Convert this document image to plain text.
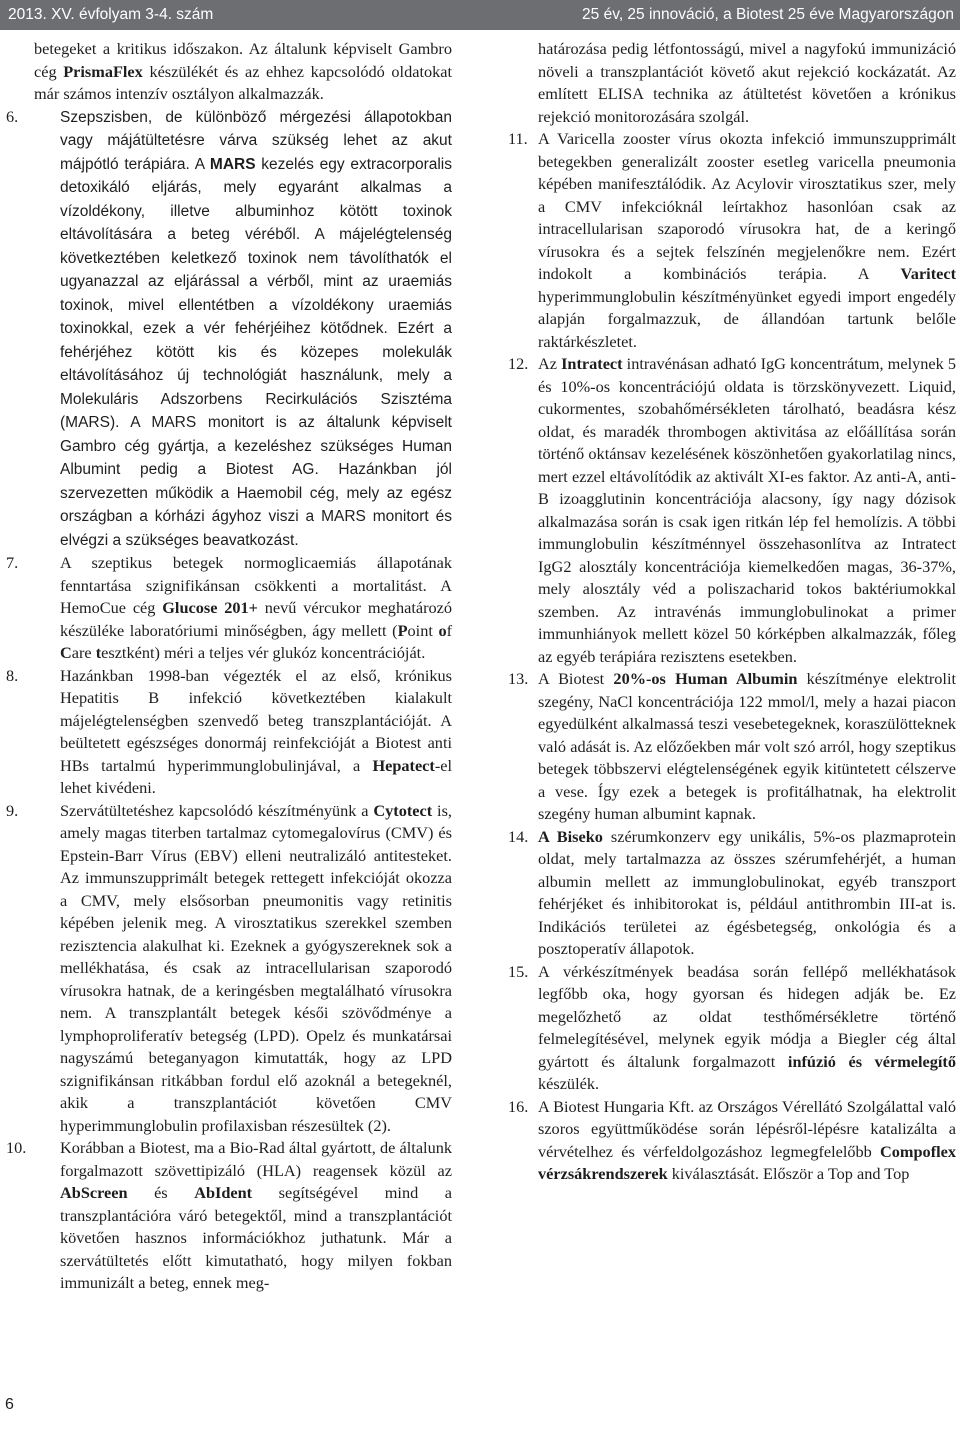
2013. XV. évfolyam 3-4. szám	25 év, 25 innováció, a Biotest 25 éve Magyarországon
betegeket a kritikus időszakon. Az általunk képviselt Gambro cég PrismaFlex készülékét és az ehhez kapcsolódó oldatokat már számos intenzív osztályon alkalmazzák.
6.	Szepszisben, de különböző mérgezési állapotokban vagy májátültetésre várva szükség lehet az akut májpótló terápiára. A MARS kezelés egy extracorporalis detoxikáló eljárás, mely egyaránt alkalmas a vízoldékony, illetve albuminhoz kötött toxinok eltávolítására a beteg véréből. A májelégtelenség következtében keletkező toxinok nem távolíthatók el ugyanazzal az eljárással a vérből, mint az uraemiás toxinok, mivel ellentétben a vízoldékony uraemiás toxinokkal, ezek a vér fehérjéihez kötődnek. Ezért a fehérjéhez kötött kis és közepes molekulák eltávolításához új technológiát használunk, mely a Molekuláris Adszorbens Recirkulációs Szisztéma (MARS). A MARS monitort is az általunk képviselt Gambro cég gyártja, a kezeléshez szükséges Human Albumint pedig a Biotest AG. Hazánkban jól szervezetten működik a Haemobil cég, mely az egész országban a kórházi ágyhoz viszi a MARS monitort és elvégzi a szükséges beavatkozást.
7.	A szeptikus betegek normoglicaemiás állapotának fenntartása szignifikánsan csökkenti a mortalitást. A HemoCue cég Glucose 201+ nevű vércukor meghatározó készüléke laboratóriumi minőségben, ágy mellett (Point of Care tesztként) méri a teljes vér glukóz koncentrációját.
8.	Hazánkban 1998-ban végezték el az első, krónikus Hepatitis B infekció következtében kialakult májelégtelenségben szenvedő beteg transzplantációját. A beültetett egészséges donormáj reinfekcióját a Biotest anti HBs tartalmú hyperimmunglobulinjával, a Hepatect-el lehet kivédeni.
9.	Szervátültetéshez kapcsolódó készítményünk a Cytotect is, amely magas titerben tartalmaz cytomegalovírus (CMV) és Epstein-Barr Vírus (EBV) elleni neutralizáló antitesteket. Az immunszupprimált betegek rettegett infekcióját okozza a CMV, mely elsősorban pneumonitis vagy retinitis képében jelenik meg. A virosztatikus szerekkel szemben rezisztencia alakulhat ki. Ezeknek a gyógyszereknek sok a mellékhatása, és csak az intracellularisan szaporodó vírusokra hatnak, de a keringésben megtalálható vírusokra nem. A transzplantált betegek késői szövődménye a lymphoproliferatív betegség (LPD). Opelz és munkatársai nagyszámú beteganyagon kimutatták, hogy az LPD szignifikánsan ritkábban fordul elő azoknál a betegeknél, akik a transzplantációt követően CMV hyperimmunglobulin profilaxisban részesültek (2).
10. Korábban a Biotest, ma a Bio-Rad által gyártott, de általunk forgalmazott szövettipizáló (HLA) reagensek közül az AbScreen és AbIdent segítségével mind a transzplantációra váró betegektől, mind a transzplantációt követően hasznos információkhoz juthatunk. Már a szervátültetés előtt kimutatható, hogy milyen fokban immunizált a beteg, ennek meg-
határozása pedig létfontosságú, mivel a nagyfokú immunizáció növeli a transzplantációt követő akut rejekció kockázatát. Az említett ELISA technika az átültetést követően a krónikus rejekció monitorozására szolgál.
11. A Varicella zooster vírus okozta infekció immunszupprimált betegekben generalizált zooster esetleg varicella pneumonia képében manifesztálódik. Az Acylovir virosztatikus szer, mely a CMV infekcióknál leírtakhoz hasonlóan csak az intracellularisan szaporodó vírusokra hat, de a keringő vírusokra és a sejtek felszínén megjelenőkre nem. Ezért indokolt a kombinációs terápia. A Varitect hyperimmunglobulin készítményünket egyedi import engedély alapján forgalmazzuk, de állandóan tartunk belőle raktárkészletet.
12. Az Intratect intravénásan adható IgG koncentrátum, melynek 5 és 10%-os koncentrációjú oldata is törzskönyvezett. Liquid, cukormentes, szobahőmérsékleten tárolható, beadásra kész oldat, és maradék thrombogen aktivitása az előállítása során történő oktánsav kezelésének köszönhetően gyakorlatilag nincs, mert ezzel eltávolítódik az aktivált XI-es faktor. Az anti-A, anti-B izoagglutinin koncentrációja alacsony, így nagy dózisok alkalmazása során is csak igen ritkán lép fel hemolízis. A többi immunglobulin készítménnyel összehasonlítva az Intratect IgG2 alosztály koncentrációja kiemelkedően magas, 36-37%, mely alosztály véd a poliszacharid tokos baktériumokkal szemben. Az intravénás immunglobulinokat a primer immunhiányok mellett közel 50 kórképben alkalmazzák, főleg az egyéb terápiára rezisztens esetekben.
13. A Biotest 20%-os Human Albumin készítménye elektrolit szegény, NaCl koncentrációja 122 mmol/l, mely a hazai piacon egyedülként alkalmassá teszi vesebetegeknek, koraszülötteknek való adását is. Az előzőekben már volt szó arról, hogy szeptikus betegek többszervi elégtelenségének egyik kitüntetett célszerve a vese. Így ezek a betegek is profitálhatnak, ha elektrolit szegény human albumint kapnak.
14. A Biseko szérumkonzerv egy unikális, 5%-os plazmaprotein oldat, mely tartalmazza az összes szérumfehérjét, a human albumin mellett az immunglobulinokat, egyéb transzport fehérjéket és inhibitorokat is, például antithrombin III-at is. Indikációs területei az égésbetegség, onkológia és a posztoperatív állapotok.
15. A vérkészítmények beadása során fellépő mellékhatások legfőbb oka, hogy gyorsan és hidegen adják be. Ez megelőzhető az oldat testhőmérsékletre történő felmelegítésével, melynek egyik módja a Biegler cég által gyártott és általunk forgalmazott infúzió és vérmelegítő készülék.
16. A Biotest Hungaria Kft. az Országos Vérellátó Szolgálattal való szoros együttműködése során lépésről-lépésre katalizálta a vérvételhez és vérfeldolgozáshoz legmegfelelőbb Compoflex vérzsákrendszerek kiválasztását. Először a Top and Top
6
